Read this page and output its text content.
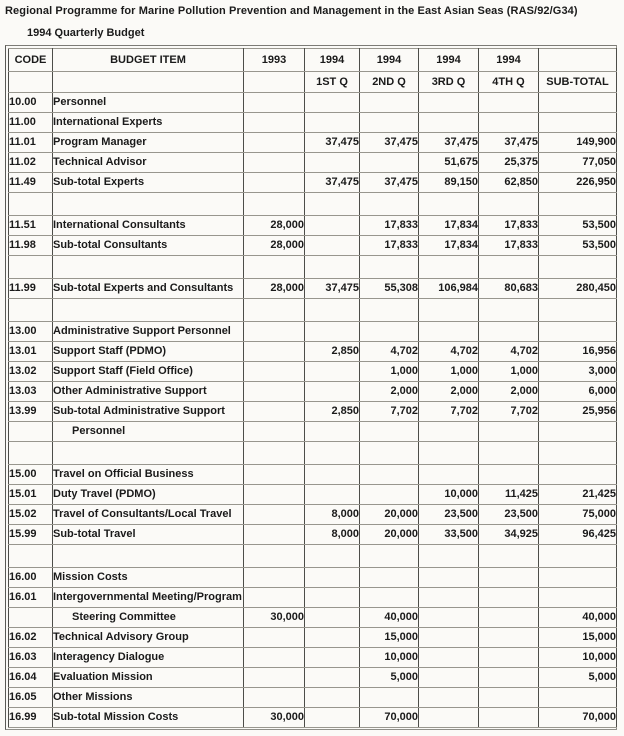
Regional Programme for Marine Pollution Prevention and Management in the East Asian Seas (RAS/92/G34)
1994 Quarterly Budget
CODE	BUDGET ITEM	1993	1994	1994	1994	1994	
			1ST Q	2ND Q	3RD Q	4TH Q	SUB-TOTAL
10.00	Personnel						
11.00	International Experts						
11.01	Program Manager		37,475	37,475	37,475	37,475	149,900
11.02	Technical Advisor				51,675	25,375	77,050
11.49	Sub-total Experts		37,475	37,475	89,150	62,850	226,950

11.51	International Consultants	28,000		17,833	17,834	17,833	53,500
11.98	Sub-total Consultants	28,000		17,833	17,834	17,833	53,500

11.99	Sub-total Experts and Consultants	28,000	37,475	55,308	106,984	80,683	280,450

13.00	Administrative Support Personnel						
13.01	Support Staff (PDMO)		2,850	4,702	4,702	4,702	16,956
13.02	Support Staff (Field Office)			1,000	1,000	1,000	3,000
13.03	Other Administrative Support			2,000	2,000	2,000	6,000
13.99	Sub-total Administrative Support		2,850	7,702	7,702	7,702	25,956
	Personnel						

15.00	Travel on Official Business						
15.01	Duty Travel (PDMO)				10,000	11,425	21,425
15.02	Travel of Consultants/Local Travel		8,000	20,000	23,500	23,500	75,000
15.99	Sub-total Travel		8,000	20,000	33,500	34,925	96,425

16.00	Mission Costs						
16.01	Intergovernmental Meeting/Program						
	Steering Committee	30,000		40,000			40,000
16.02	Technical Advisory Group			15,000			15,000
16.03	Interagency Dialogue			10,000			10,000
16.04	Evaluation Mission			5,000			5,000
16.05	Other Missions						
16.99	Sub-total Mission Costs	30,000		70,000			70,000
